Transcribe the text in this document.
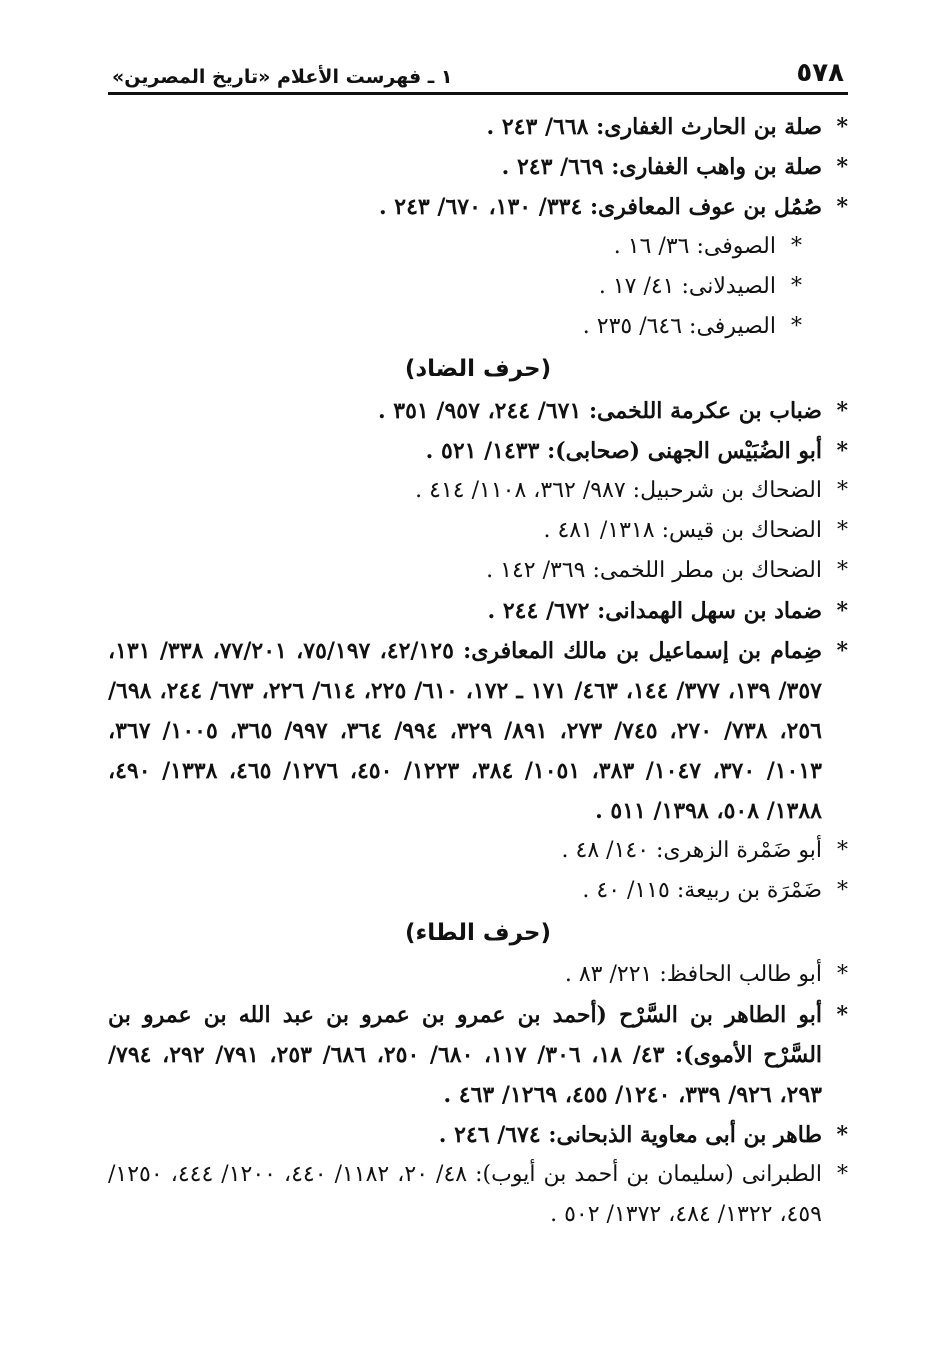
٥٧٨
١ ـ فهرست الأعلام «تاريخ المصرين»
*صلة بن الحارث الغفارى: ٦٦٨/ ٢٤٣ .
*صلة بن واهب الغفارى: ٦٦٩/ ٢٤٣ .
*صُمُل بن عوف المعافرى: ٣٣٤/ ١٣٠، ٦٧٠/ ٢٤٣ .
*الصوفى: ٣٦/ ١٦ .
*الصيدلانى: ٤١/ ١٧ .
*الصيرفى: ٦٤٦/ ٢٣٥ .
(حرف الضاد)
*ضباب بن عكرمة اللخمى: ٦٧١/ ٢٤٤، ٩٥٧/ ٣٥١ .
*أبو الضُبَيْس الجهنى (صحابى): ١٤٣٣/ ٥٢١ .
*الضحاك بن شرحبيل: ٩٨٧/ ٣٦٢، ١١٠٨/ ٤١٤ .
*الضحاك بن قيس: ١٣١٨/ ٤٨١ .
*الضحاك بن مطر اللخمى: ٣٦٩/ ١٤٢ .
*ضماد بن سهل الهمدانى: ٦٧٢/ ٢٤٤ .
*ضِمام بن إسماعيل بن مالك المعافرى: ٤٢/١٢٥، ٧٥/١٩٧، ٧٧/٢٠١، ٣٣٨/ ١٣١، ٣٥٧/ ١٣٩، ٣٧٧/ ١٤٤، ٤٦٣/ ١٧١ ـ ١٧٢، ٦١٠/ ٢٢٥، ٦١٤/ ٢٢٦، ٦٧٣/ ٢٤٤، ٦٩٨/ ٢٥٦، ٧٣٨/ ٢٧٠، ٧٤٥/ ٢٧٣، ٨٩١/ ٣٢٩، ٩٩٤/ ٣٦٤، ٩٩٧/ ٣٦٥، ١٠٠٥/ ٣٦٧، ١٠١٣/ ٣٧٠، ١٠٤٧/ ٣٨٣، ١٠٥١/ ٣٨٤، ١٢٢٣/ ٤٥٠، ١٢٧٦/ ٤٦٥، ١٣٣٨/ ٤٩٠، ١٣٨٨/ ٥٠٨، ١٣٩٨/ ٥١١ .
*أبو ضَمْرة الزهرى: ١٤٠/ ٤٨ .
*ضَمْرَة بن ربيعة: ١١٥/ ٤٠ .
(حرف الطاء)
*أبو طالب الحافظ: ٢٢١/ ٨٣ .
*أبو الطاهر بن السَّرْح (أحمد بن عمرو بن عمرو بن عبد الله بن عمرو بن السَّرْح الأموى): ٤٣/ ١٨، ٣٠٦/ ١١٧، ٦٨٠/ ٢٥٠، ٦٨٦/ ٢٥٣، ٧٩١/ ٢٩٢، ٧٩٤/ ٢٩٣، ٩٢٦/ ٣٣٩، ١٢٤٠/ ٤٥٥، ١٢٦٩/ ٤٦٣ .
*طاهر بن أبى معاوية الذبحانى: ٦٧٤/ ٢٤٦ .
*الطبرانى (سليمان بن أحمد بن أيوب): ٤٨/ ٢٠، ١١٨٢/ ٤٤٠، ١٢٠٠/ ٤٤٤، ١٢٥٠/ ٤٥٩، ١٣٢٢/ ٤٨٤، ١٣٧٢/ ٥٠٢ .
